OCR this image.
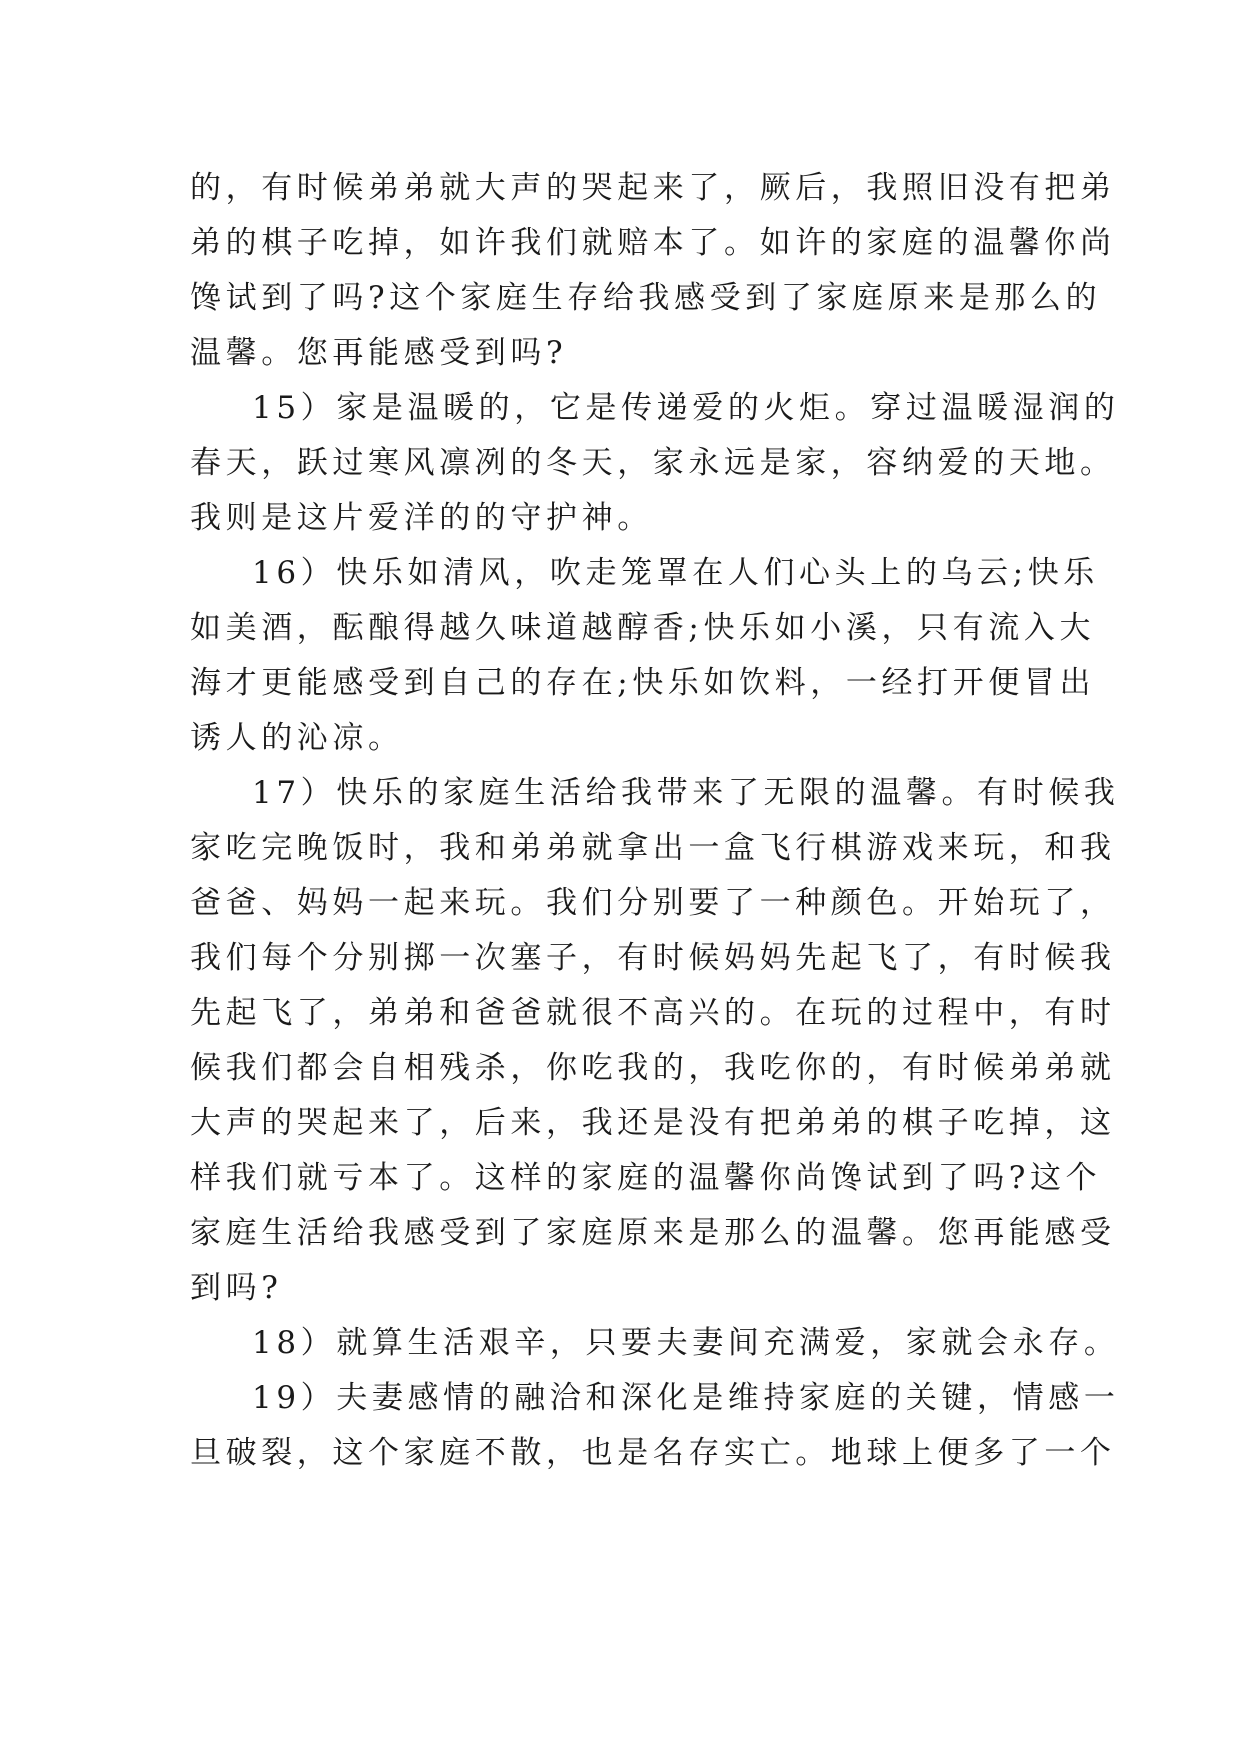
的，有时候弟弟就大声的哭起来了，厥后，我照旧没有把弟
弟的棋子吃掉，如许我们就赔本了。如许的家庭的温馨你尚
馋试到了吗?这个家庭生存给我感受到了家庭原来是那么的
温馨。您再能感受到吗?
15）家是温暖的，它是传递爱的火炬。穿过温暖湿润的
春天，跃过寒风凛冽的冬天，家永远是家，容纳爱的天地。
我则是这片爱洋的的守护神。
16）快乐如清风，吹走笼罩在人们心头上的乌云;快乐
如美酒，酝酿得越久味道越醇香;快乐如小溪，只有流入大
海才更能感受到自己的存在;快乐如饮料，一经打开便冒出
诱人的沁凉。
17）快乐的家庭生活给我带来了无限的温馨。有时候我
家吃完晚饭时，我和弟弟就拿出一盒飞行棋游戏来玩，和我
爸爸、妈妈一起来玩。我们分别要了一种颜色。开始玩了，
我们每个分别掷一次塞子，有时候妈妈先起飞了，有时候我
先起飞了，弟弟和爸爸就很不高兴的。在玩的过程中，有时
候我们都会自相残杀，你吃我的，我吃你的，有时候弟弟就
大声的哭起来了，后来，我还是没有把弟弟的棋子吃掉，这
样我们就亏本了。这样的家庭的温馨你尚馋试到了吗?这个
家庭生活给我感受到了家庭原来是那么的温馨。您再能感受
到吗?
18）就算生活艰辛，只要夫妻间充满爱，家就会永存。
19）夫妻感情的融洽和深化是维持家庭的关键，情感一
旦破裂，这个家庭不散，也是名存实亡。地球上便多了一个
